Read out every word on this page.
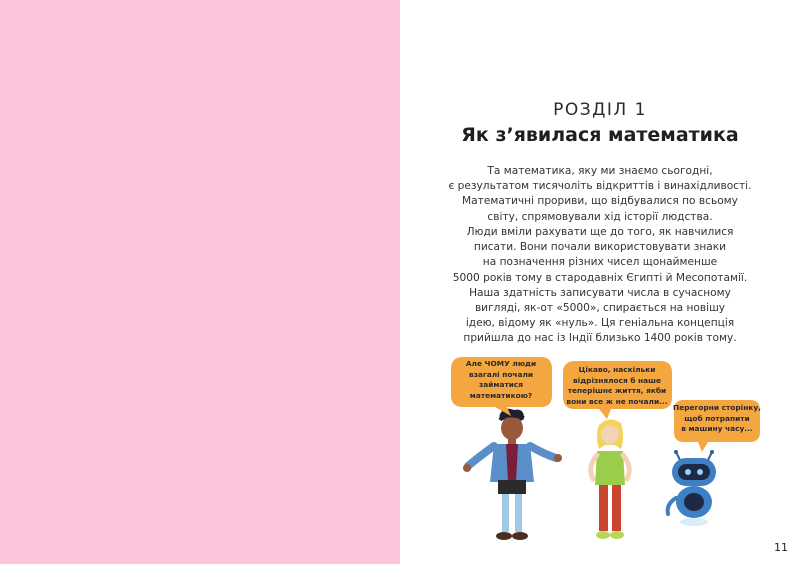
РОЗДІЛ 1
Як з’явилася математика
Та математика, яку ми знаємо сьогодні,
є результатом тисячоліть відкриттів і винахідливості.
Математичні прориви, що відбувалися по всьому
світу, спрямовували хід історії людства.
Люди вміли рахувати ще до того, як навчилися
писати. Вони почали використовувати знаки
на позначення різних чисел щонайменше
5000 років тому в стародавніх Єгипті й Месопотамії.
Наша здатність записувати числа в сучасному
вигляді, як-от «5000», спирається на новішу
ідею, відому як «нуль». Ця геніальна концепція
прийшла до нас із Індії близько 1400 років тому.
Але ЧОМУ люди
взагалі почали
займатися
математикою?
Цікаво, наскільки
відрізнялося б наше
теперішнє життя, якби
вони все ж не почали...
Перегорни сторінку,
щоб потрапити
в машину часу...
11
